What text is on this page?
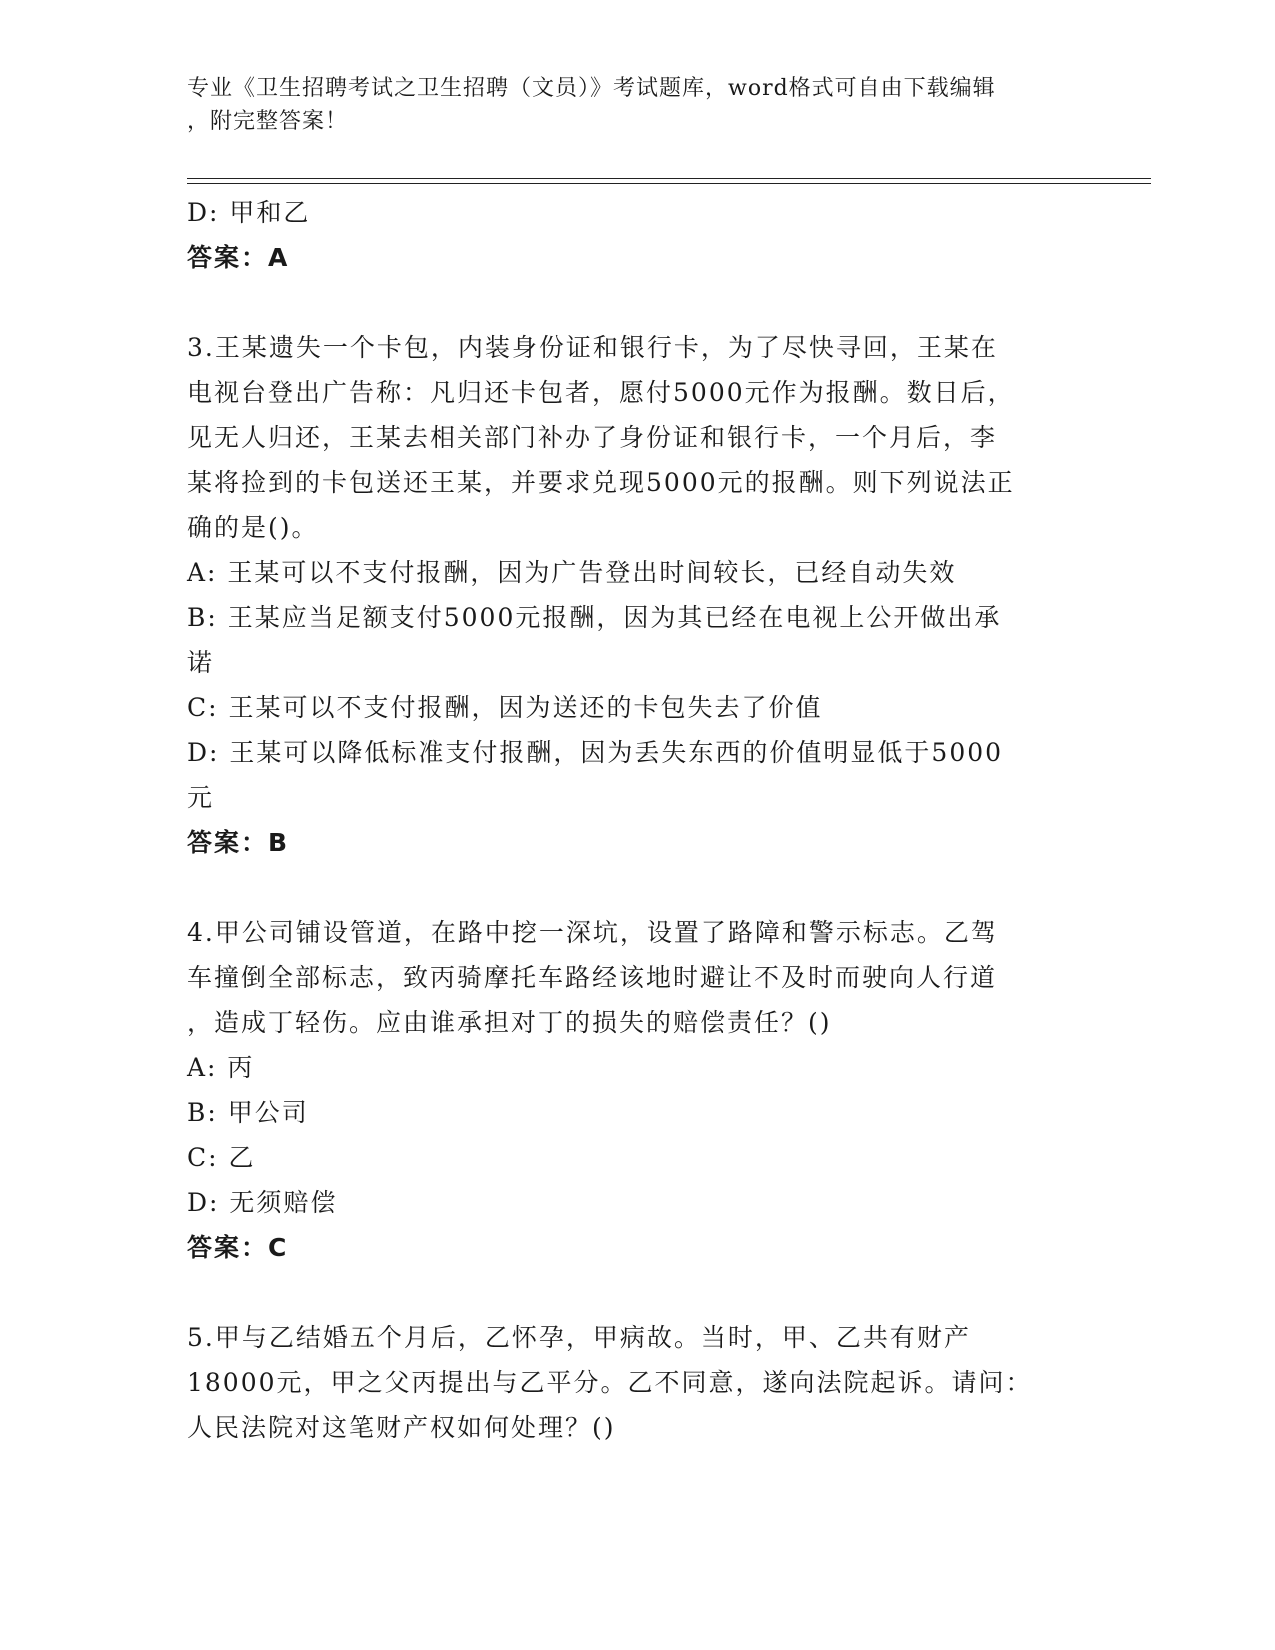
专业《卫生招聘考试之卫生招聘（文员）》考试题库，word格式可自由下载编辑
，附完整答案！

D: 甲和乙

答案：A

3.王某遗失一个卡包，内装身份证和银行卡，为了尽快寻回，王某在

电视台登出广告称：凡归还卡包者，愿付5000元作为报酬。数日后，

见无人归还，王某去相关部门补办了身份证和银行卡，一个月后，李

某将捡到的卡包送还王某，并要求兑现5000元的报酬。则下列说法正

确的是()。

A: 王某可以不支付报酬，因为广告登出时间较长，已经自动失效

B: 王某应当足额支付5000元报酬，因为其已经在电视上公开做出承

诺

C: 王某可以不支付报酬，因为送还的卡包失去了价值

D: 王某可以降低标准支付报酬，因为丢失东西的价值明显低于5000

元

答案：B

4.甲公司铺设管道，在路中挖一深坑，设置了路障和警示标志。乙驾

车撞倒全部标志，致丙骑摩托车路经该地时避让不及时而驶向人行道

，造成丁轻伤。应由谁承担对丁的损失的赔偿责任？()

A: 丙

B: 甲公司

C: 乙

D: 无须赔偿

答案：C

5.甲与乙结婚五个月后，乙怀孕，甲病故。当时，甲、乙共有财产

18000元，甲之父丙提出与乙平分。乙不同意，遂向法院起诉。请问：

人民法院对这笔财产权如何处理？()
